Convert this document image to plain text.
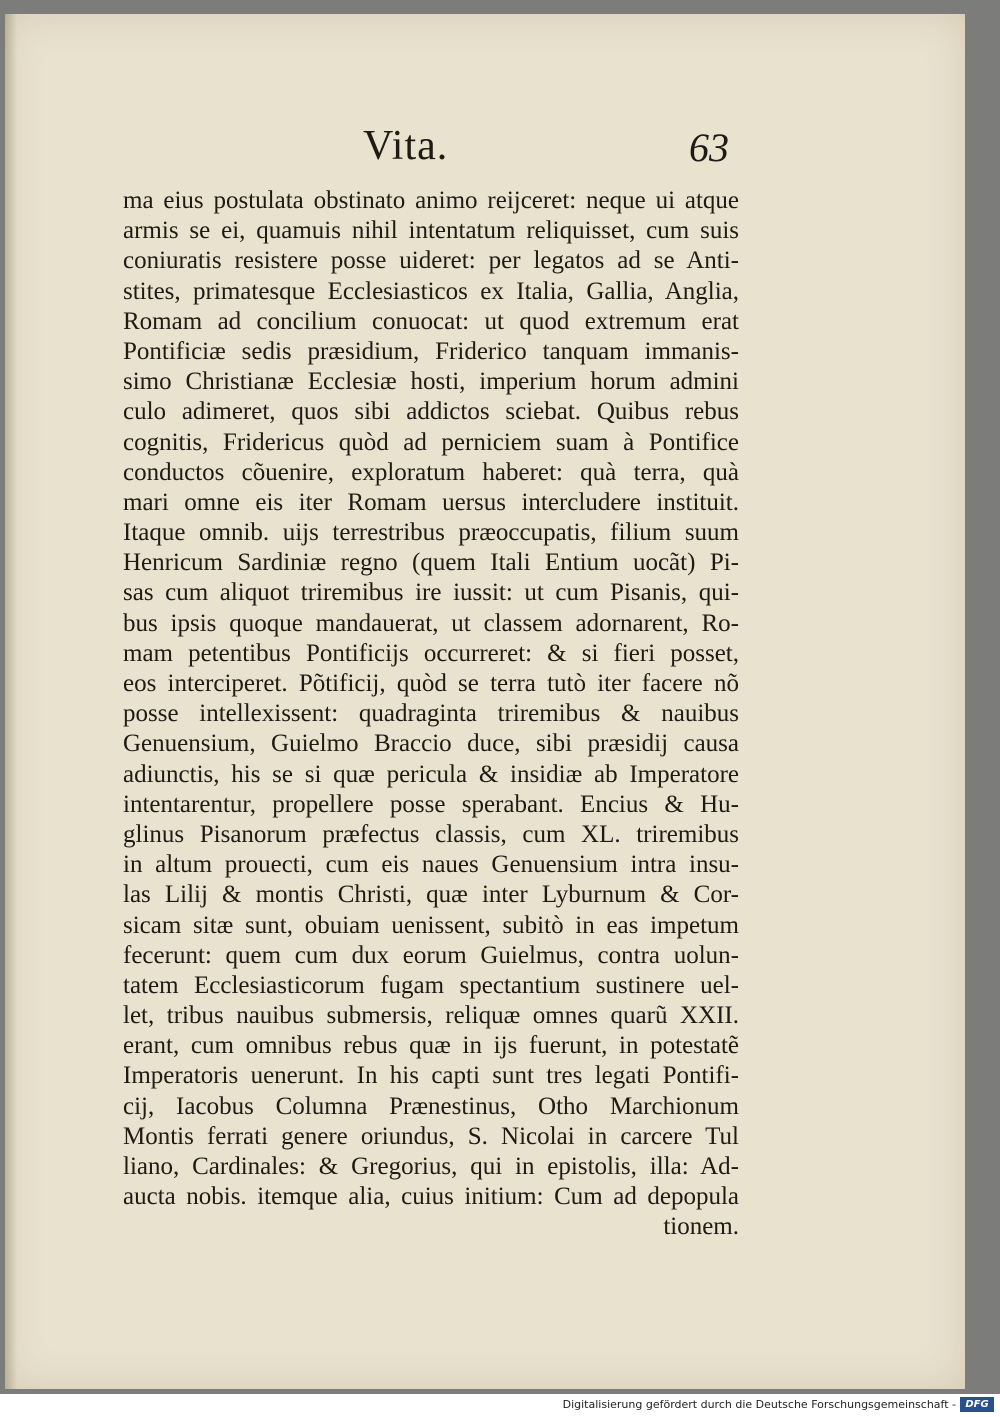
Vita.	63
ma eius postulata obstinato animo reijceret: neque ui atque
armis se ei, quamuis nihil intentatum reliquisset, cum suis
coniuratis resistere posse uideret: per legatos ad se Anti-
stites, primatesque Ecclesiasticos ex Italia, Gallia, Anglia,
Romam ad concilium conuocat: ut quod extremum erat
Pontificiæ sedis præsidium, Friderico tanquam immanis-
simo Christianæ Ecclesiæ hosti, imperium horum admini
culo adimeret, quos sibi addictos sciebat. Quibus rebus
cognitis, Fridericus quòd ad perniciem suam à Pontifice
conductos cõuenire, exploratum haberet: quà terra, quà
mari omne eis iter Romam uersus intercludere instituit.
Itaque omnib. uijs terrestribus præoccupatis, filium suum
Henricum Sardiniæ regno (quem Itali Entium uocãt) Pi-
sas cum aliquot triremibus ire iussit: ut cum Pisanis, qui-
bus ipsis quoque mandauerat, ut classem adornarent, Ro-
mam petentibus Pontificijs occurreret: & si fieri posset,
eos interciperet. Põtificij, quòd se terra tutò iter facere nõ
posse intellexissent: quadraginta triremibus & nauibus
Genuensium, Guielmo Braccio duce, sibi præsidij causa
adiunctis, his se si quæ pericula & insidiæ ab Imperatore
intentarentur, propellere posse sperabant. Encius & Hu-
glinus Pisanorum præfectus classis, cum XL. triremibus
in altum prouecti, cum eis naues Genuensium intra insu-
las Lilij & montis Christi, quæ inter Lyburnum & Cor-
sicam sitæ sunt, obuiam uenissent, subitò in eas impetum
fecerunt: quem cum dux eorum Guielmus, contra uolun-
tatem Ecclesiasticorum fugam spectantium sustinere uel-
let, tribus nauibus submersis, reliquæ omnes quarũ XXII.
erant, cum omnibus rebus quæ in ijs fuerunt, in potestatẽ
Imperatoris uenerunt. In his capti sunt tres legati Pontifi-
cij, Iacobus Columna Prænestinus, Otho Marchionum
Montis ferrati genere oriundus, S. Nicolai in carcere Tul
liano, Cardinales: & Gregorius, qui in epistolis, illa: Ad-
aucta nobis. itemque alia, cuius initium: Cum ad depopula
tionem.
Digitalisierung gefördert durch die Deutsche Forschungsgemeinschaft - DFG
